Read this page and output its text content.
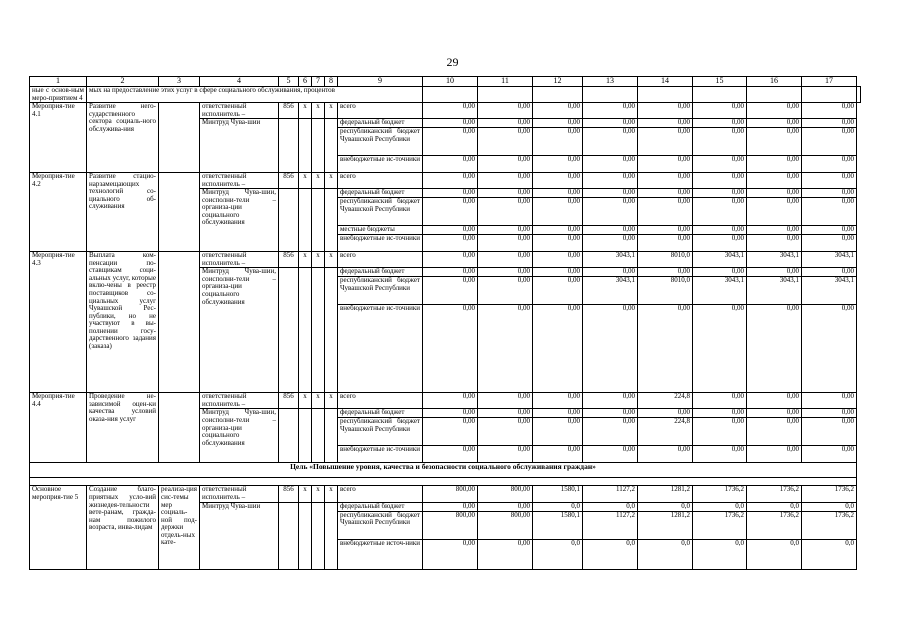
29
1	2	3	4	5	6	7	8	9	10	11	12	13	14	15	16	17	
ные с основ-ным меро-приятием 4	мых на предоставление этих услуг в сфере социального обслуживания, процентов																
Мероприя-тие 4.1	Развитие него-сударственного сектора социаль-ного обслужива-ния		ответственный исполнитель –	856	x	x	x	всего	0,00	0,00	0,00	0,00	0,00	0,00	0,00	0,00	
			Минтруд Чува-шии					федеральный бюджет	0,00	0,00	0,00	0,00	0,00	0,00	0,00	0,00	
								республиканский бюджет Чувашской Республики	0,00	0,00	0,00	0,00	0,00	0,00	0,00	0,00	
								внебюджетные ис-точники	0,00	0,00	0,00	0,00	0,00	0,00	0,00	0,00	
Мероприя-тие 4.2	Развитие стацио-нарзамещающих технологий со-циального об-служивания		ответственный исполнитель –	856	x	x	x	всего	0,00	0,00	0,00	0,00	0,00	0,00	0,00	0,00	
			Минтруд Чува-шии, соисполни-тели – организа-ции социального обслуживания					федеральный бюджет	0,00	0,00	0,00	0,00	0,00	0,00	0,00	0,00	
								республиканский бюджет Чувашской Республики	0,00	0,00	0,00	0,00	0,00	0,00	0,00	0,00	
								местные бюджеты	0,00	0,00	0,00	0,00	0,00	0,00	0,00	0,00	
								внебюджетные ис-точники	0,00	0,00	0,00	0,00	0,00	0,00	0,00	0,00	
Мероприя-тие 4.3	Выплата ком-пенсации по-ставщикам соци-альных услуг, которые вклю-чены в реестр поставщиков со-циальных услуг Чувашской Рес-публики, но не участвуют в вы-полнении госу-дарственного задания (заказа)		ответственный исполнитель –	856	x	x	x	всего	0,00	0,00	0,00	3043,1	8010,0	3043,1	3043,1	3043,1	
			Минтруд Чува-шии, соисполни-тели – организа-ции социального обслуживания					федеральный бюджет	0,00	0,00	0,00	0,00	0,00	0,00	0,00	0,00	
								республиканский бюджет Чувашской Республики	0,00	0,00	0,00	3043,1	8010,0	3043,1	3043,1	3043,1	
								внебюджетные ис-точники	0,00	0,00	0,00	0,00	0,00	0,00	0,00	0,00	
Мероприя-тие 4.4	Проведение не-зависимой оцен-ки качества условий оказа-ния услуг		ответственный исполнитель –	856	x	x	x	всего	0,00	0,00	0,00	0,00	224,8	0,00	0,00	0,00	
			Минтруд Чува-шии, соисполни-тели – организа-ции социального обслуживания					федеральный бюджет	0,00	0,00	0,00	0,00	0,00	0,00	0,00	0,00	
								республиканский бюджет Чувашской Республики	0,00	0,00	0,00	0,00	224,8	0,00	0,00	0,00	
								внебюджетные ис-точники	0,00	0,00	0,00	0,00	0,00	0,00	0,00	0,00	
Цель «Повышение уровня, качества и безопасности социального обслуживания граждан»																	

Основное мероприя-тие 5	Создание благо-приятных усло-вий жизнедея-тельности вете-ранам, гражда-нам пожилого возраста, инва-лидам	реализа-ция сис-темы мер социаль-ной под-держки отдель-ных кате-	ответственный исполнитель –	856	x	x	x	всего	800,00	800,00	1580,1	1127,2	1281,2	1736,2	1736,2	1736,2	
			Минтруд Чува-шии					федеральный бюджет	0,00	0,00	0,0	0,0	0,0	0,0	0,0	0,0	
								республиканский бюджет Чувашской Республики	800,00	800,00	1580,1	1127,2	1281,2	1736,2	1736,2	1736,2	
								внебюджетные источ-ники	0,00	0,00	0,0	0,0	0,0	0,0	0,0	0,0	
